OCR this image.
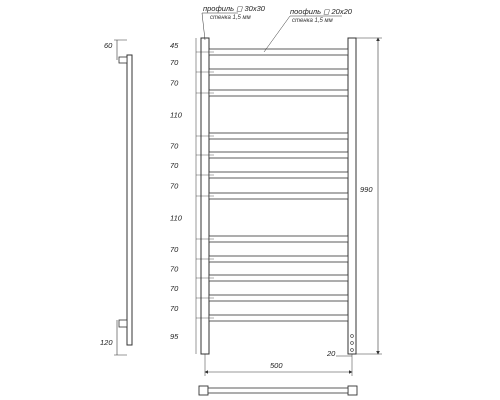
60
120
45
70
70
110
70
70
70
110
70
70
70
70
95
профиль ◻ 30x30
стенка 1,5 мм
поофиль ◻ 20x20
стенка 1,5 мм
990
500
20
